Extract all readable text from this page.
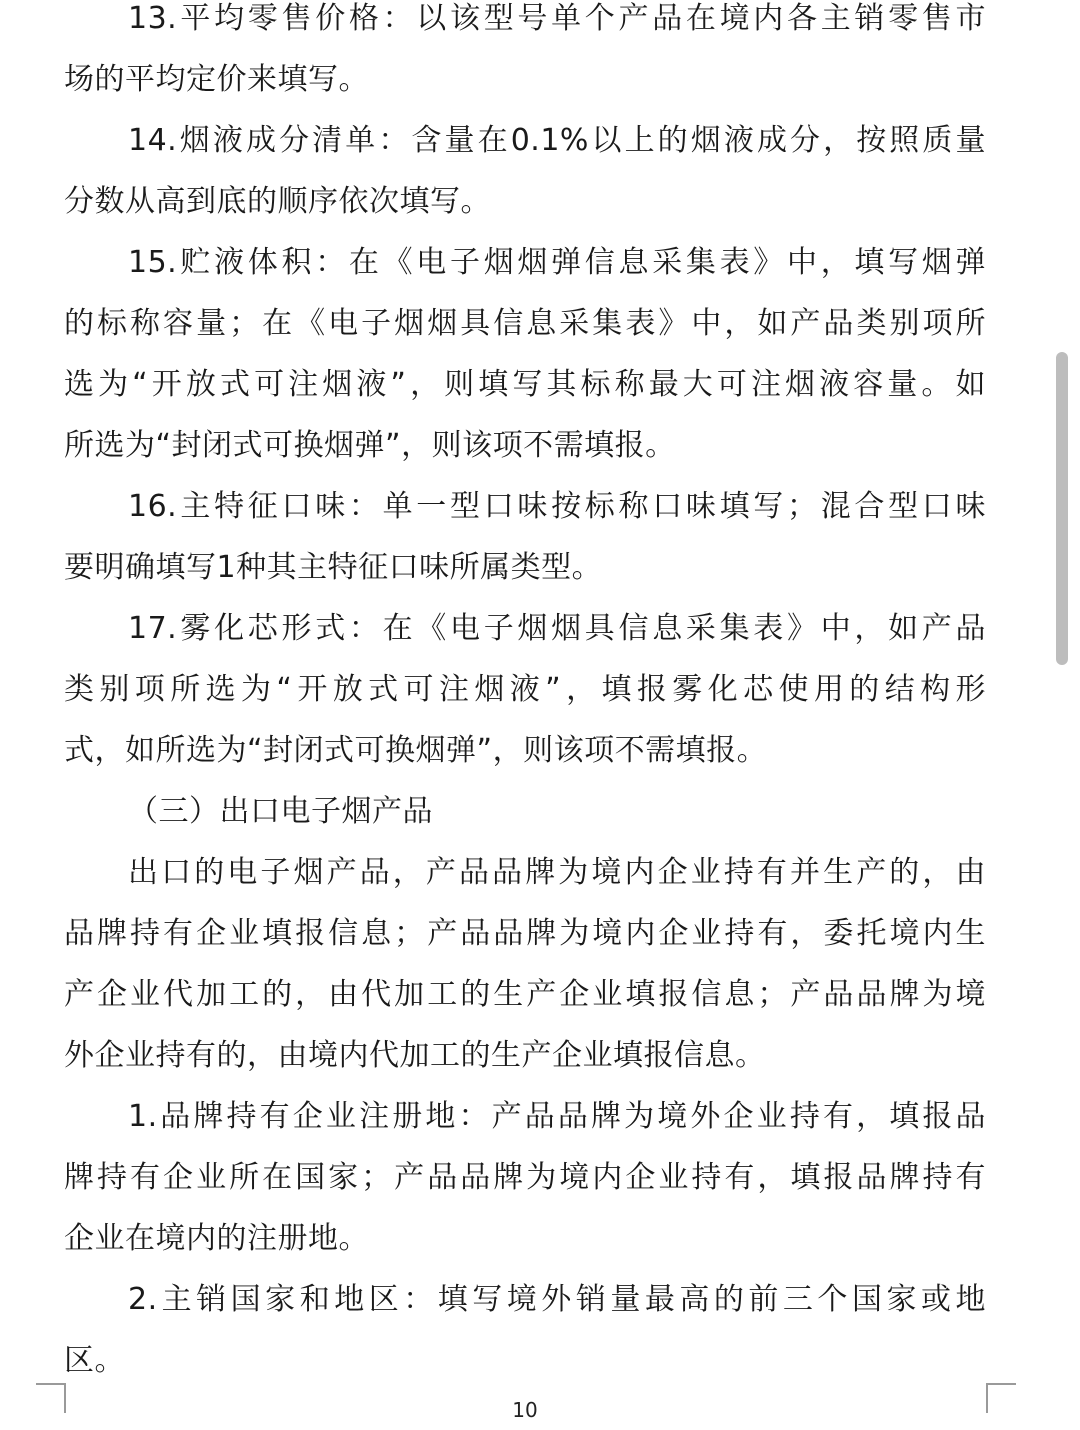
13.平均零售价格：以该型号单个产品在境内各主销零售市
场的平均定价来填写。
14.烟液成分清单：含量在0.1%以上的烟液成分，按照质量
分数从高到底的顺序依次填写。
15.贮液体积：在《电子烟烟弹信息采集表》中，填写烟弹
的标称容量；在《电子烟烟具信息采集表》中，如产品类别项所
选为“开放式可注烟液”，则填写其标称最大可注烟液容量。如
所选为“封闭式可换烟弹”，则该项不需填报。
16.主特征口味：单一型口味按标称口味填写；混合型口味
要明确填写1种其主特征口味所属类型。
17.雾化芯形式：在《电子烟烟具信息采集表》中，如产品
类别项所选为“开放式可注烟液”，填报雾化芯使用的结构形
式，如所选为“封闭式可换烟弹”，则该项不需填报。
（三）出口电子烟产品
出口的电子烟产品，产品品牌为境内企业持有并生产的，由
品牌持有企业填报信息；产品品牌为境内企业持有，委托境内生
产企业代加工的，由代加工的生产企业填报信息；产品品牌为境
外企业持有的，由境内代加工的生产企业填报信息。
1.品牌持有企业注册地：产品品牌为境外企业持有，填报品
牌持有企业所在国家；产品品牌为境内企业持有，填报品牌持有
企业在境内的注册地。
2.主销国家和地区：填写境外销量最高的前三个国家或地
区。
10
